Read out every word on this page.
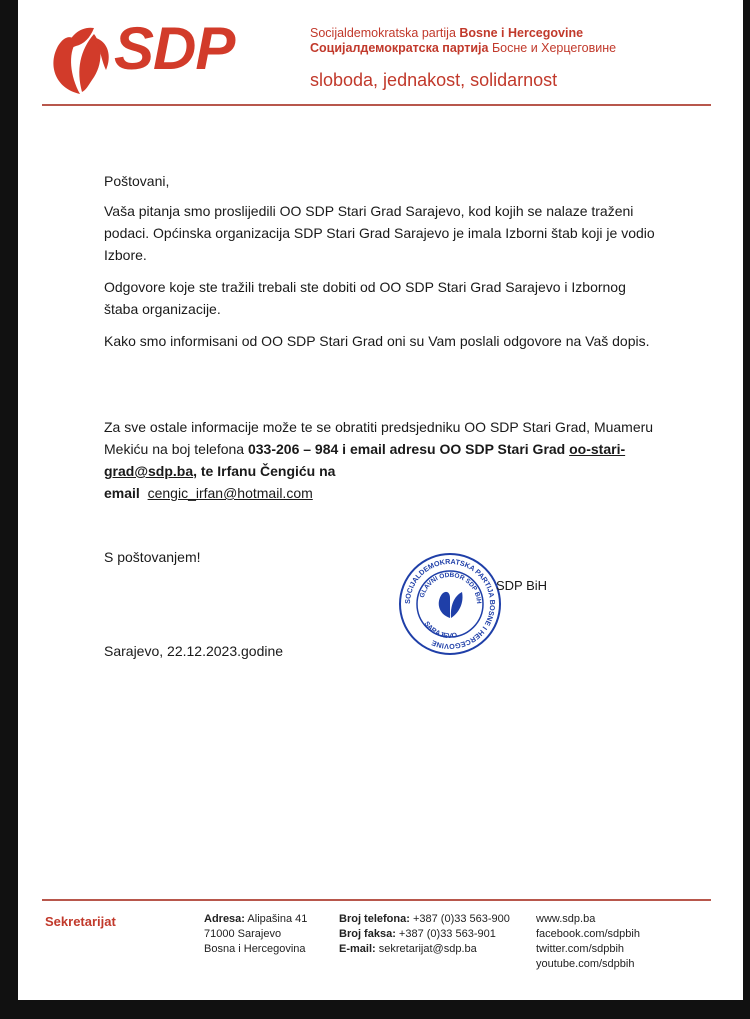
SDP	Socijaldemokratska partija Bosne i Hercegovine
Социјалдемократска партија Босне и Херцеговине
sloboda, jednakost, solidarnost
Poštovani,

Vaša pitanja smo proslijedili OO SDP Stari Grad Sarajevo, kod kojih se nalaze traženi podaci. Općinska organizacija SDP Stari Grad Sarajevo je imala Izborni štab koji je vodio Izbore.

Odgovore koje ste tražili trebali ste dobiti od OO SDP Stari Grad Sarajevo i Izbornog štaba organizacije.

Kako smo informisani od OO SDP Stari Grad oni su Vam poslali odgovore na Vaš dopis.

Za sve ostale informacije može te se obratiti predsjedniku OO SDP Stari Grad, Muameru Mekiću na boj telefona 033-206 – 984 i email adresu OO SDP Stari Grad oo-stari-grad@sdp.ba, te Irfanu Čengiću na

email cengic_irfan@hotmail.com

S poštovanjem!
SOCIJALDEMOKRATSKA PARTIJA BOSNE I HERCEGOVINE
GLAVNI ODBOR SDP BiH
SARAJEVO
SDP BiH
Sarajevo, 22.12.2023.godine
Sekretarijat	Adresa: Alipašina 41
71000 Sarajevo
Bosna i Hercegovina
Broj telefona: +387 (0)33 563-900
Broj faksa: +387 (0)33 563-901
E-mail: sekretarijat@sdp.ba
www.sdp.ba
facebook.com/sdpbih
twitter.com/sdpbih
youtube.com/sdpbih
